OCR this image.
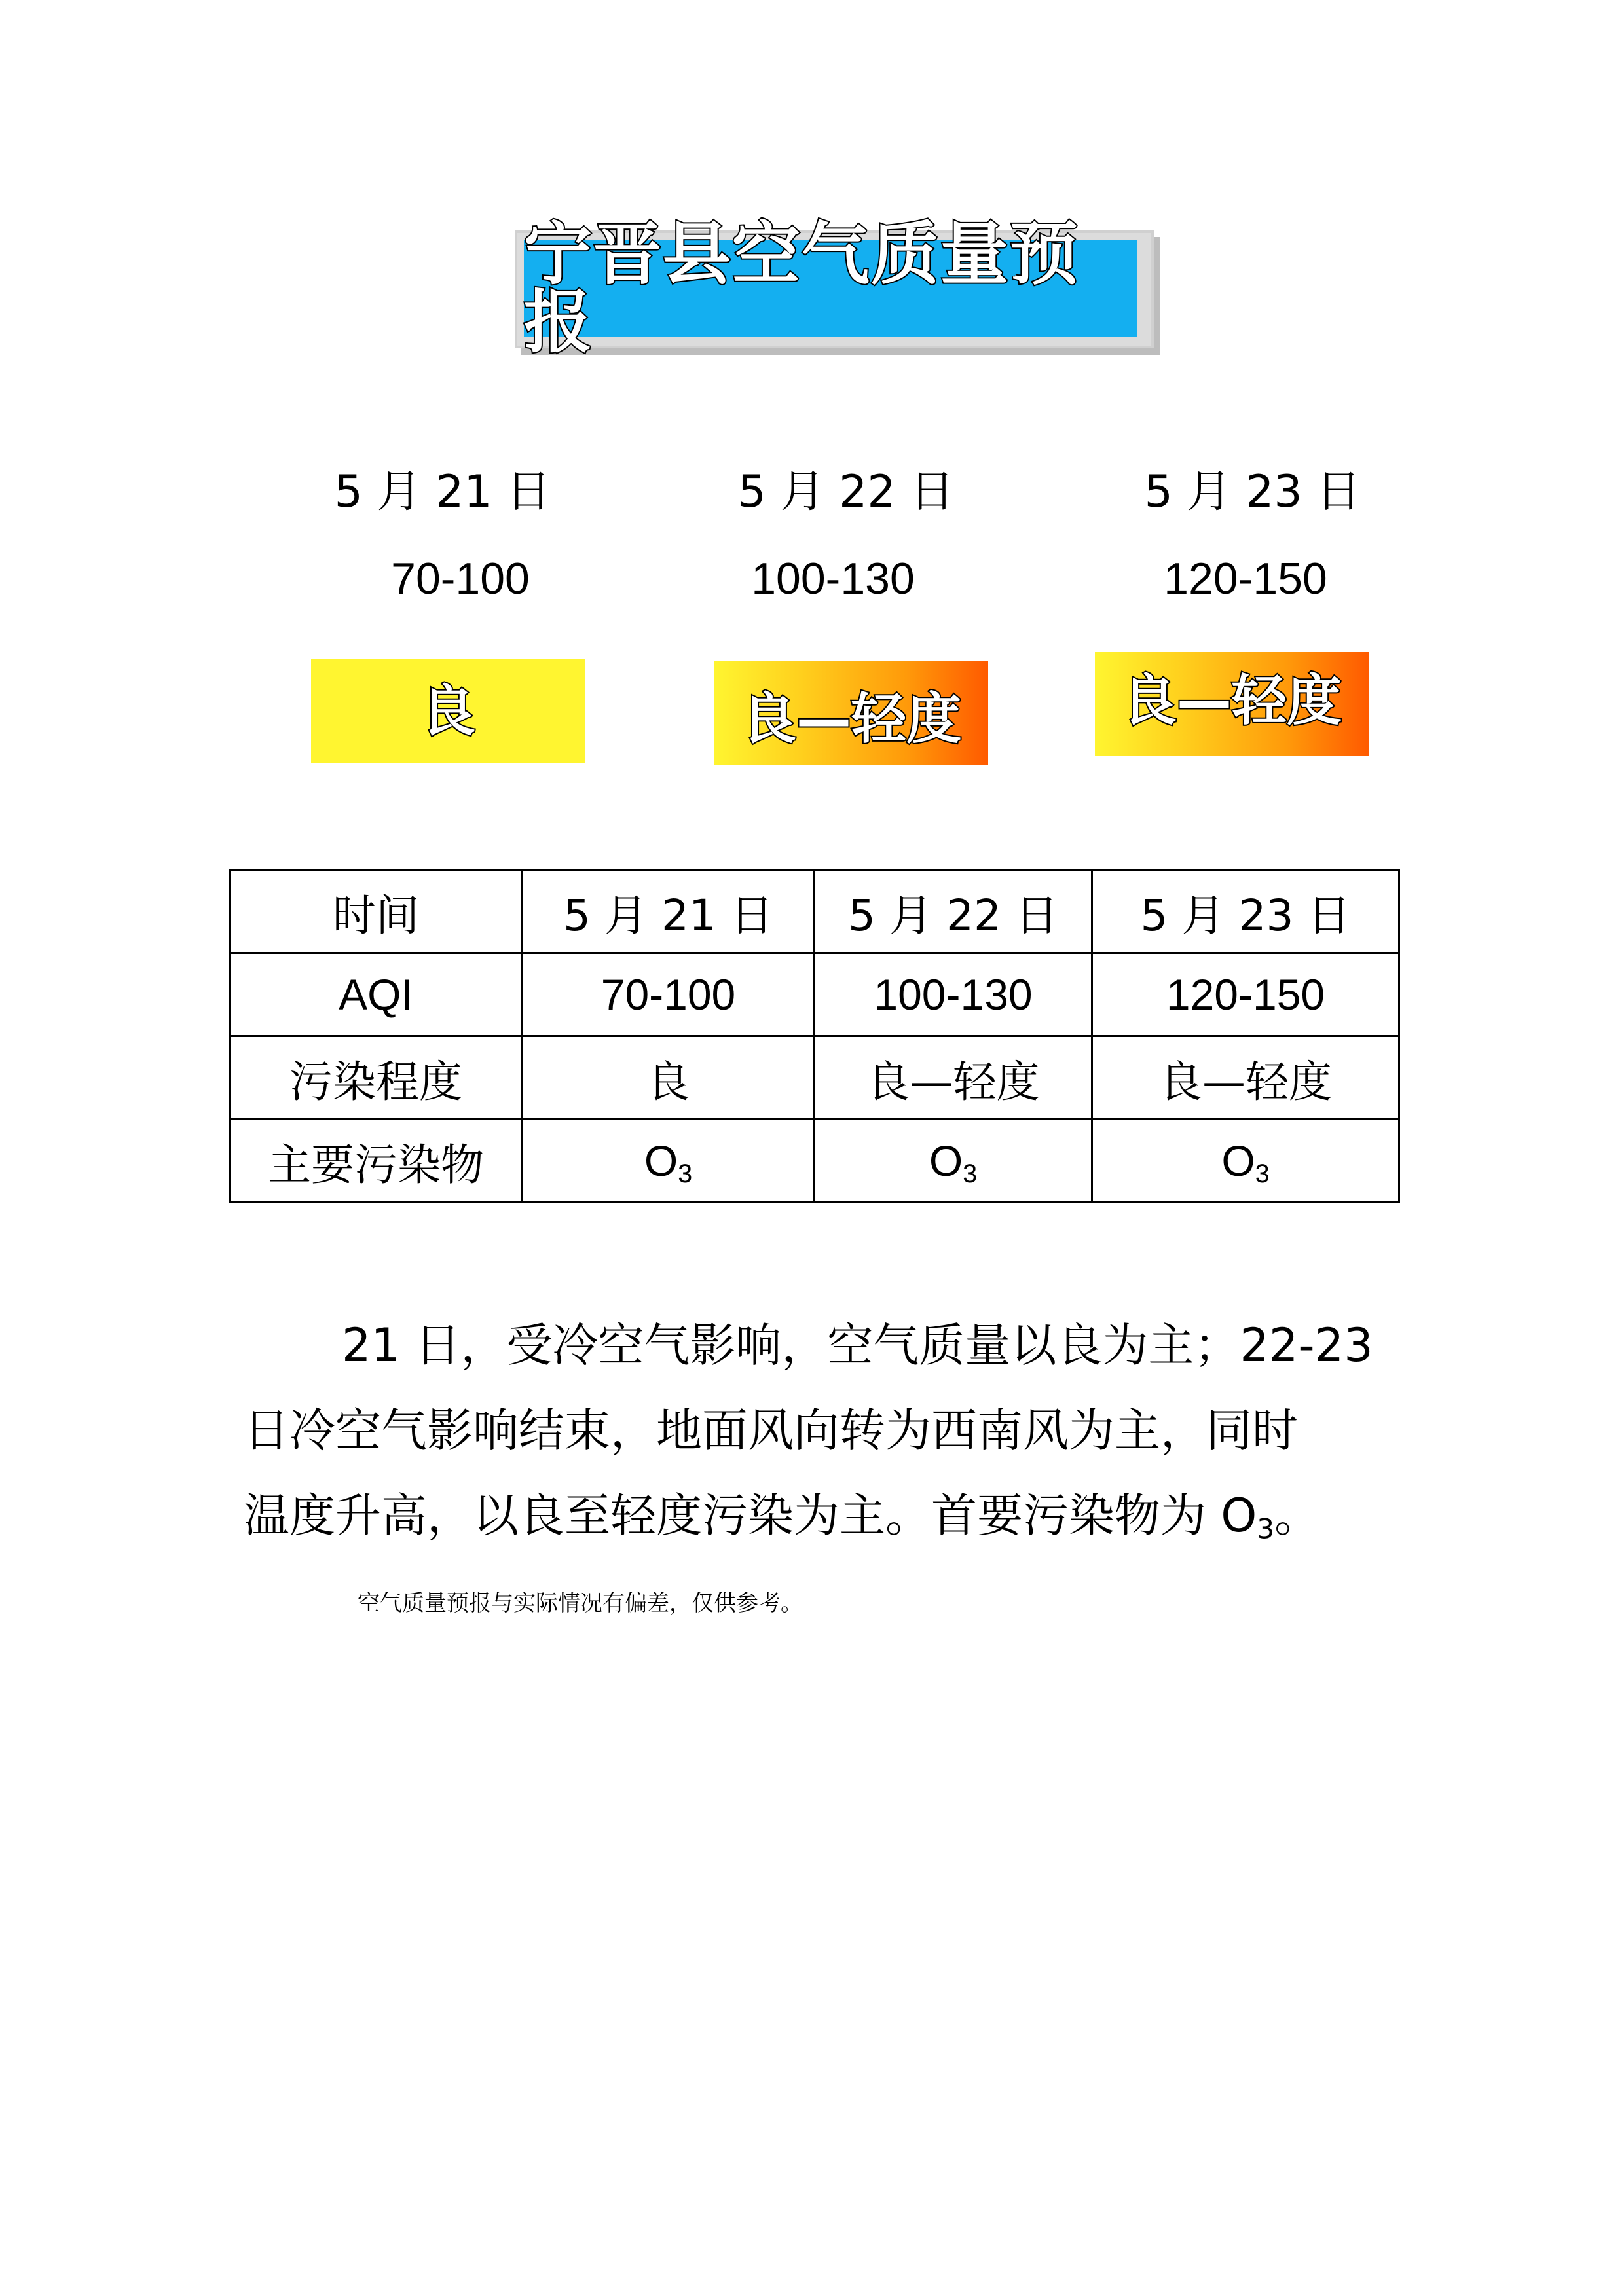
宁晋县空气质量预报
5 月 21 日	5 月 22 日	5 月 23 日
70-100	100-130	120-150
良	良—轻度	良—轻度
时间	5 月 21 日	5 月 22 日	5 月 23 日
AQI	70-100	100-130	120-150
污染程度	良	良—轻度	良—轻度
主要污染物	$O_3$	$O_3$	$O_3$
21 日，受冷空气影响，空气质量以良为主；22-23
日冷空气影响结束，地面风向转为西南风为主，同时
温度升高，以良至轻度污染为主。首要污染物为 $O_3$。
空气质量预报与实际情况有偏差，仅供参考。
